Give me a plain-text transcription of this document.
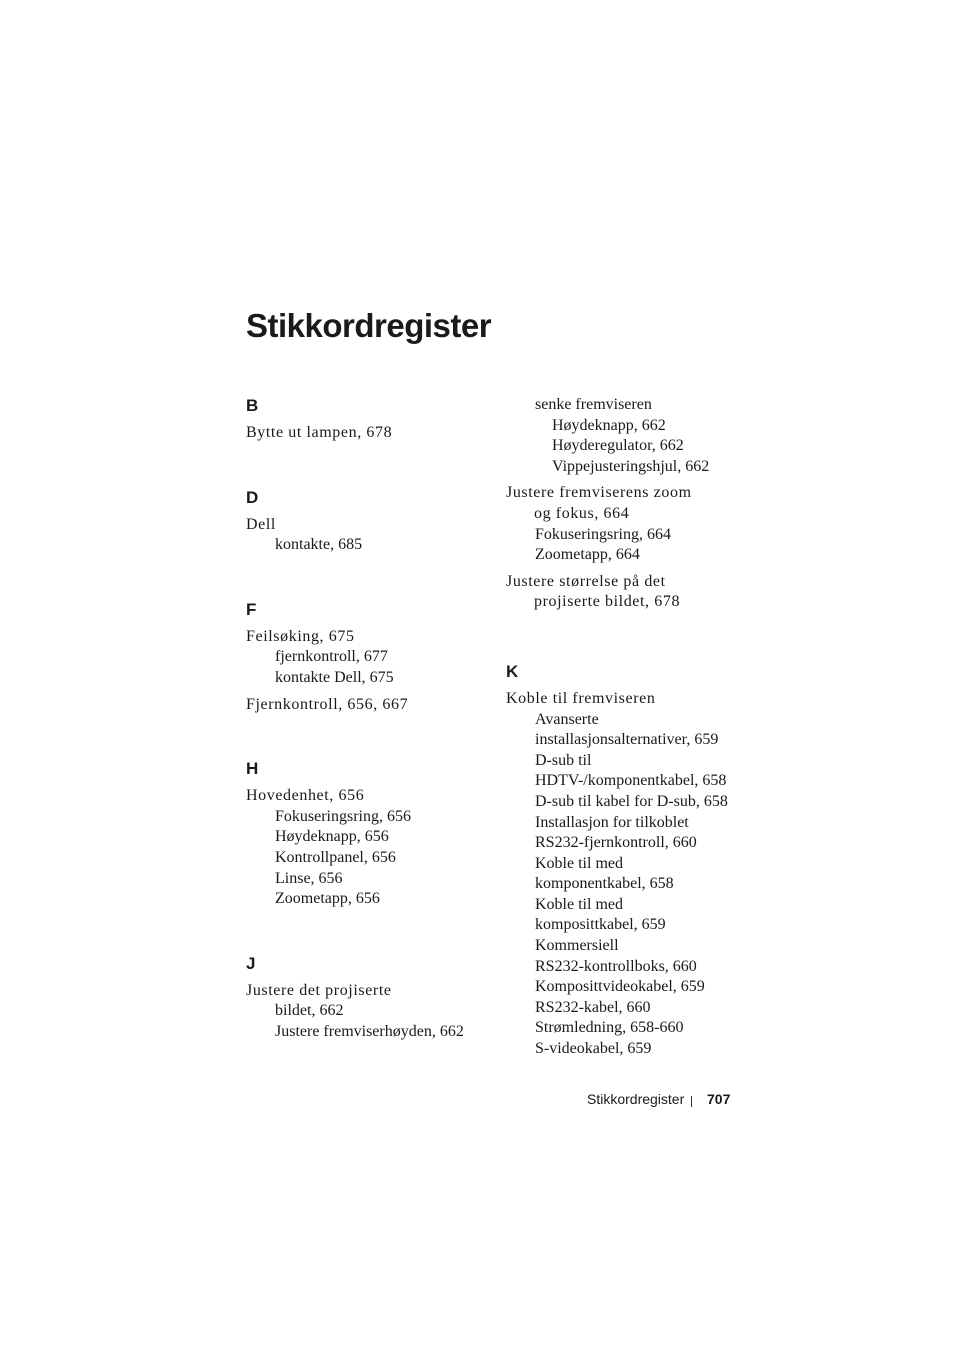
Stikkordregister
B
Bytte ut lampen, 678
D
Dell
kontakte, 685
F
Feilsøking, 675
fjernkontroll, 677
kontakte Dell, 675
Fjernkontroll, 656, 667
H
Hovedenhet, 656
Fokuseringsring, 656
Høydeknapp, 656
Kontrollpanel, 656
Linse, 656
Zoometapp, 656
J
Justere det projiserte
bildet, 662
Justere fremviserhøyden, 662
senke fremviseren
Høydeknapp, 662
Høyderegulator, 662
Vippejusteringshjul, 662
Justere fremviserens zoom
og fokus, 664
Fokuseringsring, 664
Zoometapp, 664
Justere størrelse på det
projiserte bildet, 678
K
Koble til fremviseren
Avanserte
installasjonsalternativer, 659
D-sub til
HDTV-/komponentkabel, 658
D-sub til kabel for D-sub, 658
Installasjon for tilkoblet
RS232-fjernkontroll, 660
Koble til med
komponentkabel, 658
Koble til med
komposittkabel, 659
Kommersiell
RS232-kontrollboks, 660
Komposittvideokabel, 659
RS232-kabel, 660
Strømledning, 658-660
S-videokabel, 659
Stikkordregister 707
